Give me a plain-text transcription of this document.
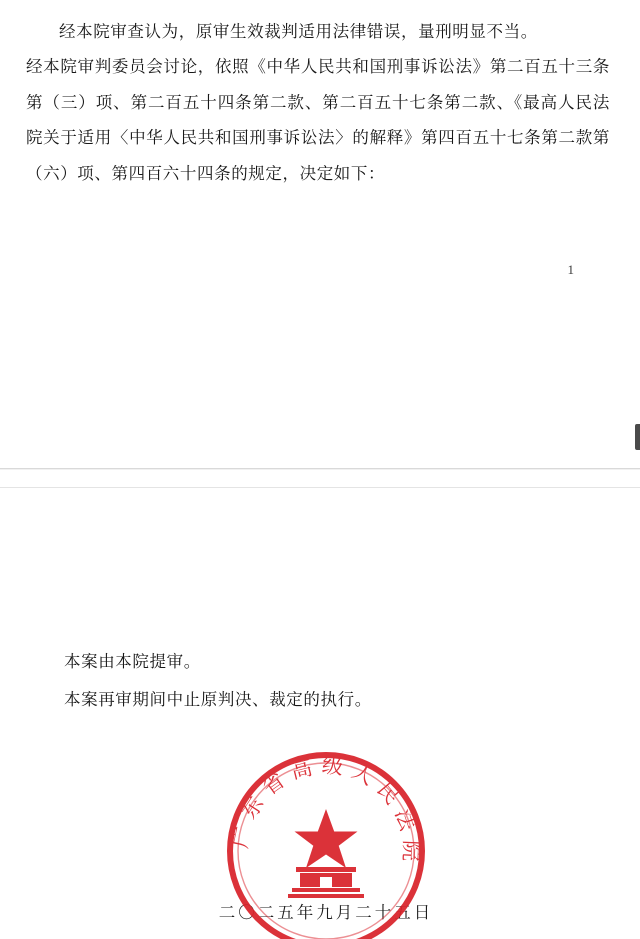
经本院审查认为，原审生效裁判适用法律错误，量刑明显不当。

经本院审判委员会讨论，依照《中华人民共和国刑事诉讼法》第二百五十三条第（三）项、第二百五十四条第二款、第二百五十七条第二款、《最高人民法院关于适用〈中华人民共和国刑事诉讼法〉的解释》第四百五十七条第二款第（六）项、第四百六十四条的规定，决定如下：

1
本案由本院提审。
本案再审期间中止原判决、裁定的执行。
二〇二五年九月二十五日
广东省高级人民法院
